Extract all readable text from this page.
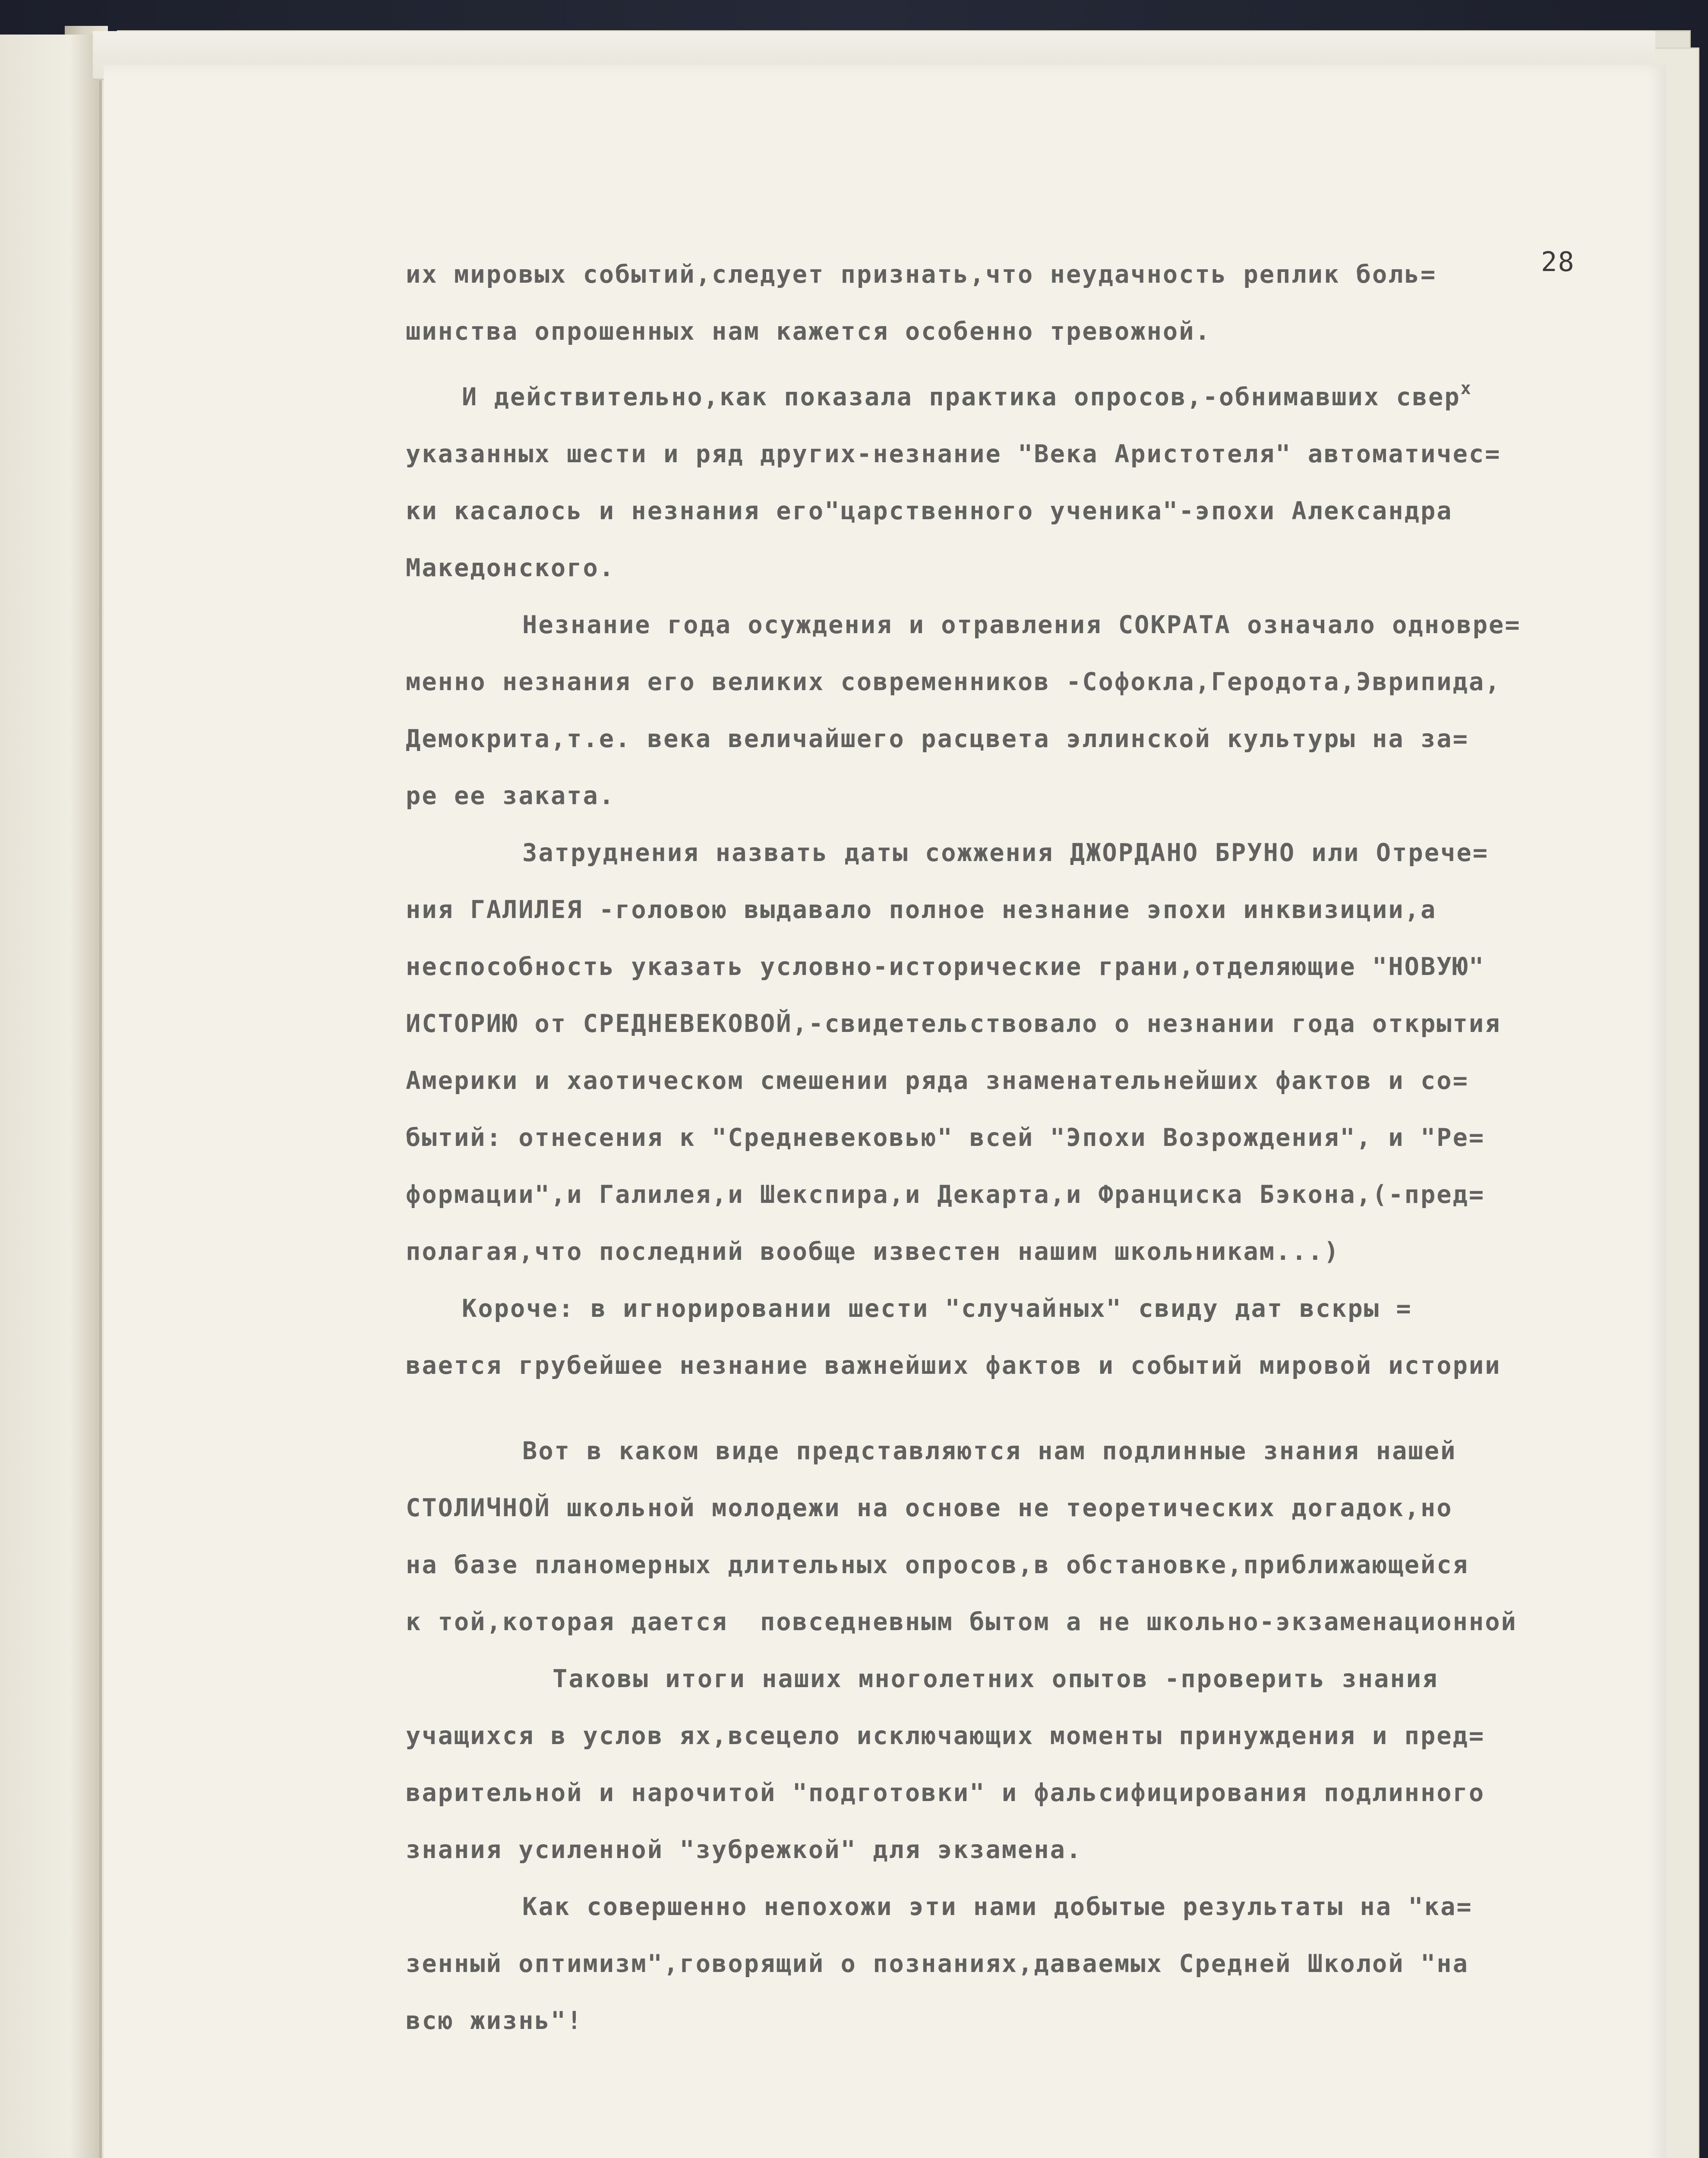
28
их мировых событий,следует признать,что неудачность реплик боль=
шинства опрошенных нам кажется особенно тревожной.
И действительно,как показала практика опросов,-обнимавших свер$^х$
указанных шести и ряд других-незнание "Века Аристотеля" автоматичес=
ки касалось и незнания его"царственного ученика"-эпохи Александра
Македонского.
Незнание года осуждения и отравления СОКРАТА означало одновре=
менно незнания его великих современников -Софокла,Геродота,Эврипида,
Демокрита,т.е. века величайшего расцвета эллинской культуры на за=
ре ее заката.
Затруднения назвать даты сожжения ДЖОРДАНО БРУНО или Отрече=
ния ГАЛИЛЕЯ -головою выдавало полное незнание эпохи инквизиции,а
неспособность указать условно-исторические грани,отделяющие "НОВУЮ"
ИСТОРИЮ от СРЕДНЕВЕКОВОЙ,-свидетельствовало о незнании года открытия
Америки и хаотическом смешении ряда знаменательнейших фактов и со=
бытий: отнесения к "Средневековью" всей "Эпохи Возрождения", и "Ре=
формации",и Галилея,и Шекспира,и Декарта,и Франциска Бэкона,(-пред=
полагая,что последний вообще известен нашим школьникам...)
Короче: в игнорировании шести "случайных" свиду дат вскры =
вается грубейшее незнание важнейших фактов и событий мировой истории
Вот в каком виде представляются нам подлинные знания нашей
СТОЛИЧНОЙ школьной молодежи на основе не теоретических догадок,но
на базе планомерных длительных опросов,в обстановке,приближающейся
к той,которая дается  повседневным бытом а не школьно-экзаменационной
Таковы итоги наших многолетних опытов -проверить знания
учащихся в услов ях,всецело исключающих моменты принуждения и пред=
варительной и нарочитой "подготовки" и фальсифицирования подлинного
знания усиленной "зубрежкой" для экзамена.
Как совершенно непохожи эти нами добытые результаты на "ка=
зенный оптимизм",говорящий о познаниях,даваемых Средней Школой "на
всю жизнь"!
